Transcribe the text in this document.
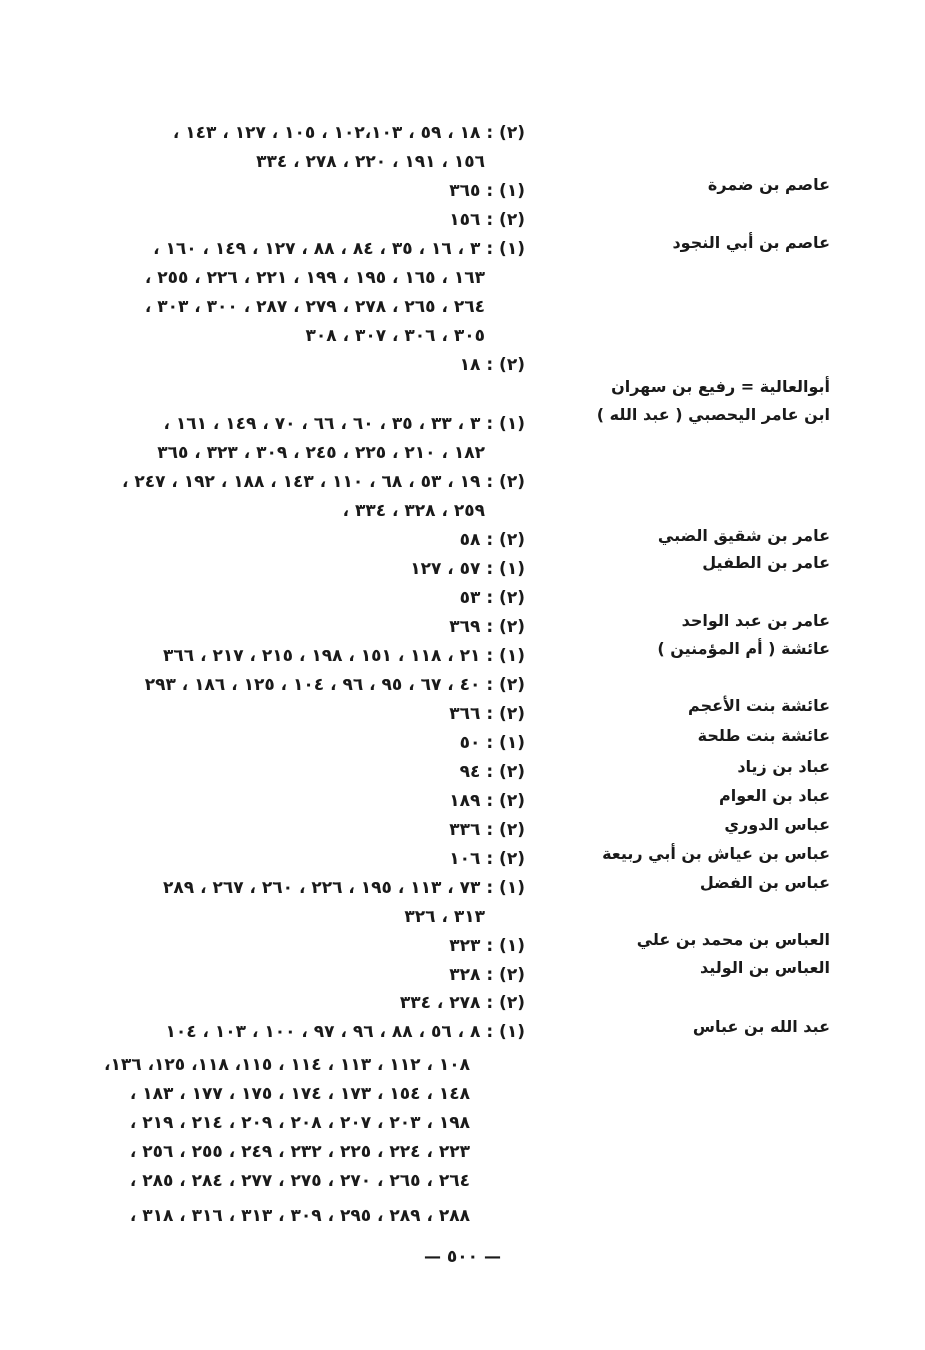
(٢) : ١٨ ، ٥٩ ، ١٠٢،١٠٣ ، ١٠٥ ، ١٢٧ ، ١٤٣ ،
١٥٦ ، ١٩١ ، ٢٢٠ ، ٢٧٨ ، ٣٣٤
عاصم بن ضمرة
(١) : ٣٦٥
(٢) : ١٥٦
عاصم بن أبي النجود
(١) : ٣ ، ١٦ ، ٣٥ ، ٨٤ ، ٨٨ ، ١٢٧ ، ١٤٩ ، ١٦٠ ،
١٦٣ ، ١٦٥ ، ١٩٥ ، ١٩٩ ، ٢٢١ ، ٢٢٦ ، ٢٥٥ ،
٢٦٤ ، ٢٦٥ ، ٢٧٨ ، ٢٧٩ ، ٢٨٧ ، ٣٠٠ ، ٣٠٣ ،
٣٠٥ ، ٣٠٦ ، ٣٠٧ ، ٣٠٨
(٢) : ١٨
أبوالعالية = رفيع بن سهران
ابن عامر اليحصبي ( عبد الله )
(١) : ٣ ، ٣٣ ، ٣٥ ، ٦٠ ، ٦٦ ، ٧٠ ، ١٤٩ ، ١٦١ ،
١٨٢ ، ٢١٠ ، ٢٢٥ ، ٢٤٥ ، ٣٠٩ ، ٣٢٣ ، ٣٦٥
(٢) : ١٩ ، ٥٣ ، ٦٨ ، ١١٠ ، ١٤٣ ، ١٨٨ ، ١٩٢ ، ٢٤٧ ،
٢٥٩ ، ٣٢٨ ، ٣٣٤ ،
عامر بن شقيق الضبي
(٢) : ٥٨
عامر بن الطفيل
(١) : ٥٧ ، ١٢٧
(٢) : ٥٣
عامر بن عبد الواحد
(٢) : ٣٦٩
عائشة ( أم المؤمنين )
(١) : ٢١ ، ١١٨ ، ١٥١ ، ١٩٨ ، ٢١٥ ، ٢١٧ ، ٣٦٦
(٢) : ٤٠ ، ٦٧ ، ٩٥ ، ٩٦ ، ١٠٤ ، ١٢٥ ، ١٨٦ ، ٢٩٣
عائشة بنت الأعجم
(٢) : ٣٦٦
عائشة بنت طلحة
(١) : ٥٠
عباد بن زياد
(٢) : ٩٤
عباد بن العوام
(٢) : ١٨٩
عباس الدوري
(٢) : ٣٣٦
عباس بن عياش بن أبي ربيعة
(٢) : ١٠٦
عباس بن الفضل
(١) : ٧٣ ، ١١٣ ، ١٩٥ ، ٢٢٦ ، ٢٦٠ ، ٢٦٧ ، ٢٨٩
٣١٣ ، ٣٢٦
العباس بن محمد بن علي
(١) : ٣٢٣
العباس بن الوليد
(٢) : ٣٢٨
(٢) : ٢٧٨ ، ٣٣٤
عبد الله بن عباس
(١) : ٨ ، ٥٦ ، ٨٨ ، ٩٦ ، ٩٧ ، ١٠٠ ، ١٠٣ ، ١٠٤
١٠٨ ، ١١٢ ، ١١٣ ، ١١٤ ، ١١٥، ١١٨، ١٢٥، ١٣٦،
١٤٨ ، ١٥٤ ، ١٧٣ ، ١٧٤ ، ١٧٥ ، ١٧٧ ، ١٨٣ ،
١٩٨ ، ٢٠٣ ، ٢٠٧ ، ٢٠٨ ، ٢٠٩ ، ٢١٤ ، ٢١٩ ،
٢٢٣ ، ٢٢٤ ، ٢٢٥ ، ٢٣٢ ، ٢٤٩ ، ٢٥٥ ، ٢٥٦ ،
٢٦٤ ، ٢٦٥ ، ٢٧٠ ، ٢٧٥ ، ٢٧٧ ، ٢٨٤ ، ٢٨٥ ،
٢٨٨ ، ٢٨٩ ، ٢٩٥ ، ٣٠٩ ، ٣١٣ ، ٣١٦ ، ٣١٨ ،
— ٥٠٠ —
